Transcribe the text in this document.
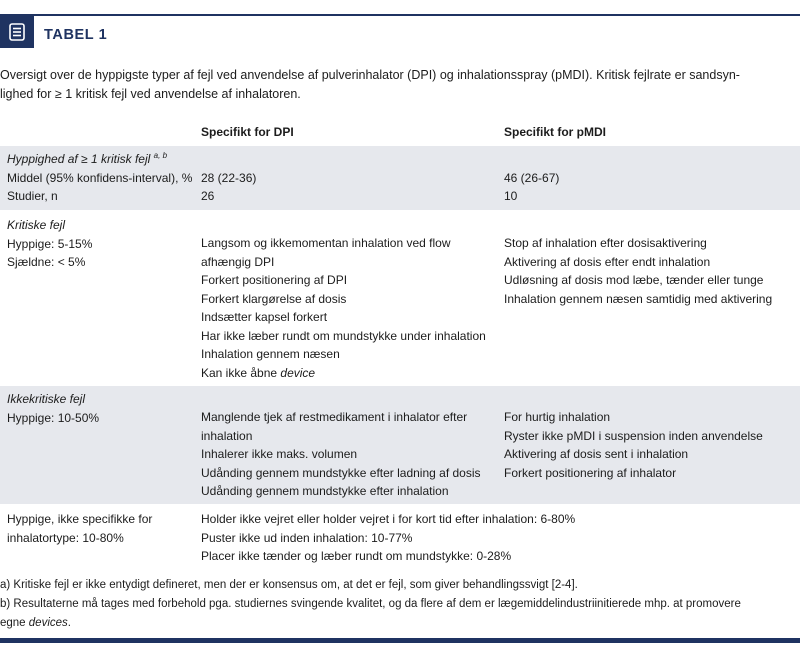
TABEL 1
Oversigt over de hyppigste typer af fejl ved anvendelse af pulverinhalator (DPI) og inhalationsspray (pMDI). Kritisk fejlrate er sandsyn-
lighed for ≥ 1 kritisk fejl ved anvendelse af inhalatoren.
Specifikt for DPI	Specifikt for pMDI
Hyppighed af ≥ 1 kritisk fejl $^{a, b}$
Middel (95% konfidens-interval), %
Studier, n

28 (22-36)
26

46 (26-67)
10
Kritiske fejl
Hyppige: 5-15%
Sjældne: < 5%
Langsom og ikkemomentan inhalation ved flow
afhængig DPI
Forkert positionering af DPI
Forkert klargørelse af dosis
Indsætter kapsel forkert
Har ikke læber rundt om mundstykke under inhalation
Inhalation gennem næsen
Kan ikke åbne device
Stop af inhalation efter dosisaktivering
Aktivering af dosis efter endt inhalation
Udløsning af dosis mod læbe, tænder eller tunge
Inhalation gennem næsen samtidig med aktivering
Ikkekritiske fejl
Hyppige: 10-50%	Manglende tjek af restmedikament i inhalator efter
inhalation
Inhalerer ikke maks. volumen
Udånding gennem mundstykke efter ladning af dosis
Udånding gennem mundstykke efter inhalation
For hurtig inhalation
Ryster ikke pMDI i suspension inden anvendelse
Aktivering af dosis sent i inhalation
Forkert positionering af inhalator
Hyppige, ikke specifikke for
inhalatortype: 10-80%
Holder ikke vejret eller holder vejret i for kort tid efter inhalation: 6-80%
Puster ikke ud inden inhalation: 10-77%
Placer ikke tænder og læber rundt om mundstykke: 0-28%
a) Kritiske fejl er ikke entydigt defineret, men der er konsensus om, at det er fejl, som giver behandlingssvigt [2-4].
b) Resultaterne må tages med forbehold pga. studiernes svingende kvalitet, og da flere af dem er lægemiddelindustriinitierede mhp. at promovere
egne devices.
